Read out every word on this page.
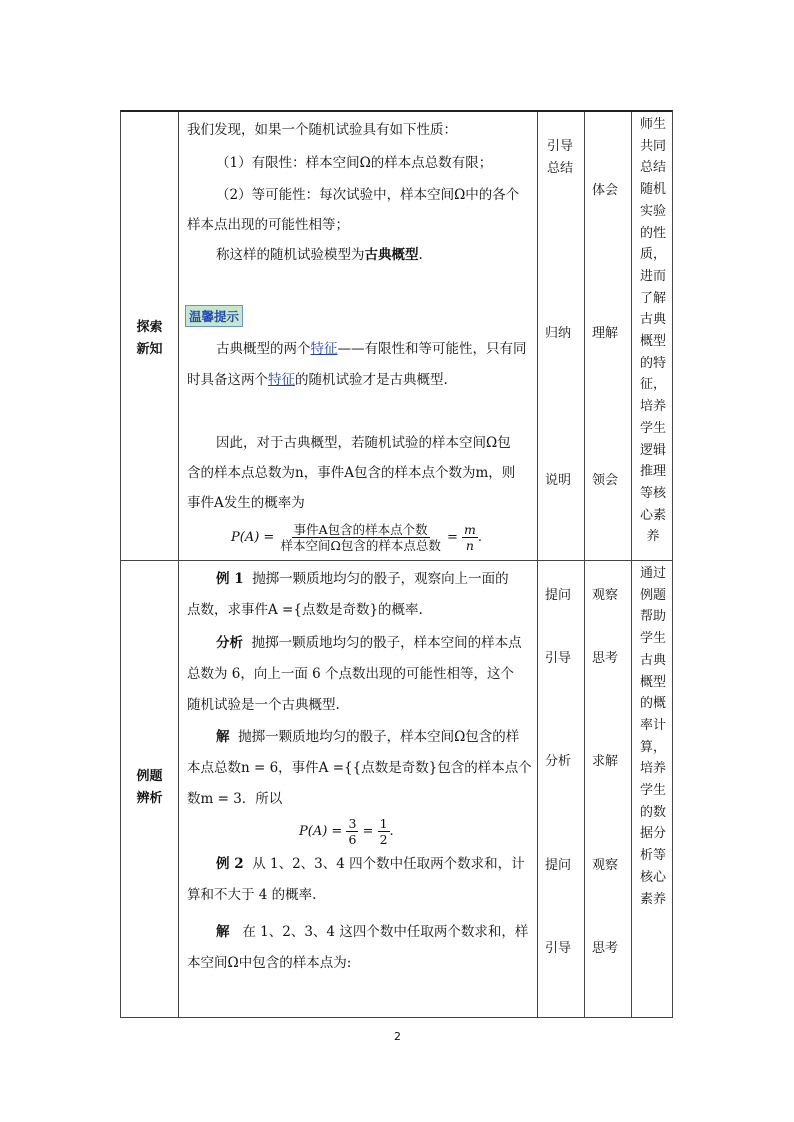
探索
新知
例题
辨析
引导
总结
归纳
说明
提问
引导
分析
提问
引导
体会
理解
领会
观察
思考
求解
观察
思考
师生
共同
总结
随机
实验
的性
质，
进而
了解
古典
概型
的特
征，
培养
学生
逻辑
推理
等核
心素
养
通过
例题
帮助
学生
古典
概型
的概
率计
算，
培养
学生
的数
据分
析等
核心
素养
我们发现，如果一个随机试验具有如下性质：
（1）有限性：样本空间Ω的样本点总数有限；
（2）等可能性：每次试验中，样本空间Ω中的各个
样本点出现的可能性相等；
称这样的随机试验模型为古典概型.
温馨提示
古典概型的两个特征——有限性和等可能性，只有同
时具备这两个特征的随机试验才是古典概型.
因此，对于古典概型，若随机试验的样本空间Ω包
含的样本点总数为n，事件A包含的样本点个数为m，则
事件A发生的概率为
$P(A) = \frac{\text{事件A包含的样本点个数}}{\text{样本空间Ω包含的样本点总数}} = \frac{m}{n}$ .
例 1 抛掷一颗质地均匀的骰子，观察向上一面的
点数，求事件A ={点数是奇数}的概率.
分析 抛掷一颗质地均匀的骰子，样本空间的样本点
总数为 6，向上一面 6 个点数出现的可能性相等，这个
随机试验是一个古典概型.
解 抛掷一颗质地均匀的骰子，样本空间Ω包含的样
本点总数n = 6，事件A ={{点数是奇数}包含的样本点个
数m = 3．所以
$P(A) = \frac{3}{6} = \frac{1}{2}$ .
例 2 从 1、2、3、4 四个数中任取两个数求和，计
算和不大于 4 的概率.
解 在 1、2、3、4 这四个数中任取两个数求和，样
本空间Ω中包含的样本点为:
2
